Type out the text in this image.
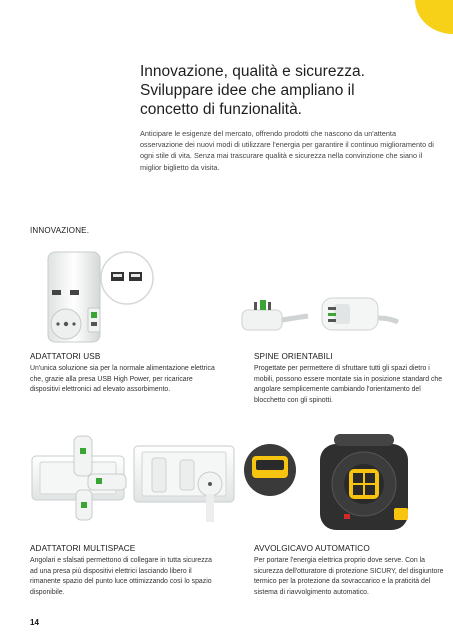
Innovazione, qualità e sicurezza.
Sviluppare idee che ampliano il
concetto di funzionalità.

Anticipare le esigenze del mercato, offrendo prodotti che nascono da un'attenta osservazione dei nuovi modi di utilizzare l'energia per garantire il continuo miglioramento di ogni stile di vita. Senza mai trascurare qualità e sicurezza nella convinzione che siano il miglior biglietto da visita.

INNOVAZIONE.
ADATTATORI USB

Un'unica soluzione sia per la normale alimentazione elettrica che, grazie alla presa USB High Power, per ricaricare dispositivi elettronici ad elevato assorbimento.

SPINE ORIENTABILI

Progettate per permettere di sfruttare tutti gli spazi dietro i mobili, possono essere montate sia in posizione standard che angolare semplicemente cambiando l'orientamento del blocchetto con gli spinotti.

ADATTATORI MULTISPACE

Angolari e sfalsati permettono di collegare in tutta sicurezza ad una presa più dispositivi elettrici lasciando libero il rimanente spazio del punto luce ottimizzando così lo spazio disponibile.

AVVOLGICAVO AUTOMATICO

Per portare l'energia elettrica proprio dove serve. Con la sicurezza dell'otturatore di protezione SICURY, del disgiuntore termico per la protezione da sovraccarico e la praticità del sistema di riavvolgimento automatico.

14
